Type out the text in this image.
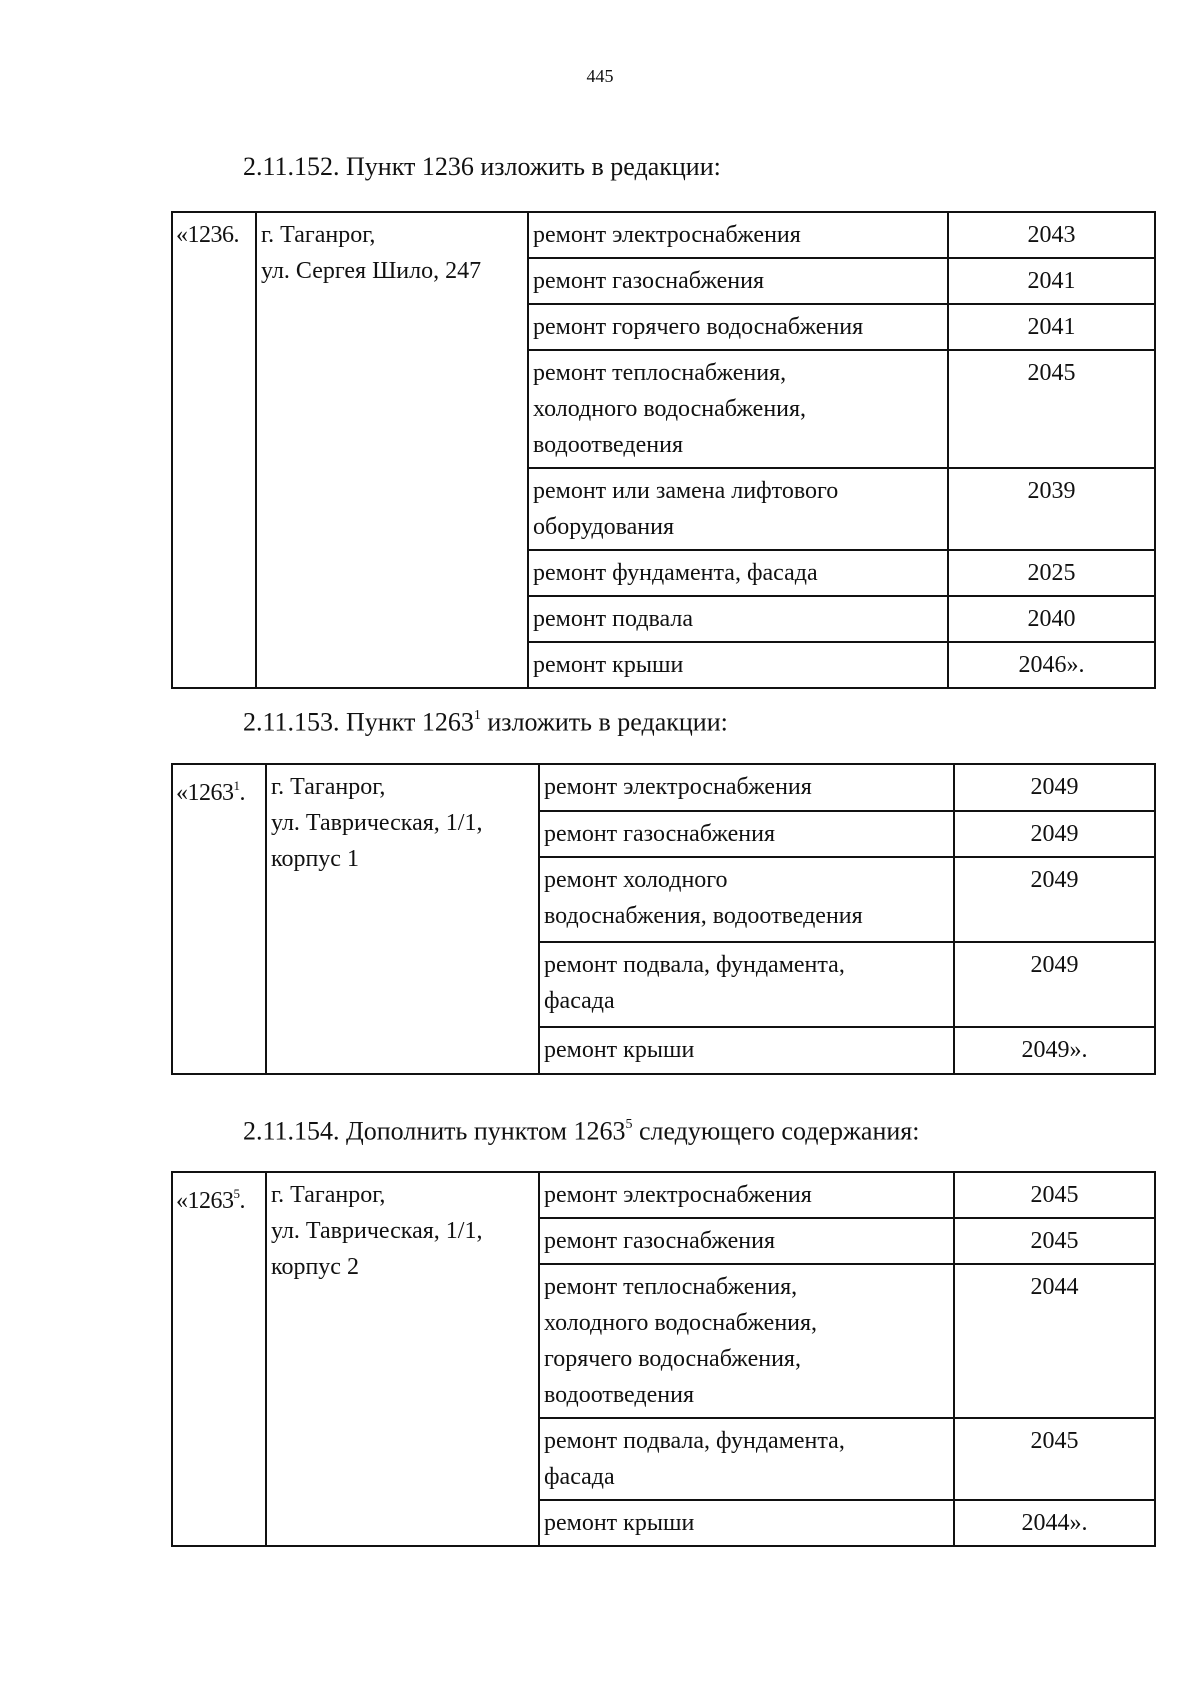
445
2.11.152. Пункт 1236 изложить в редакции:
«1236.	г. Таганрог,
ул. Сергея Шило, 247	ремонт электроснабжения	2043

		ремонт газоснабжения	2041

		ремонт горячего водоснабжения	2041

		ремонт теплоснабжения,
холодного водоснабжения,
водоотведения	2045

		ремонт или замена лифтового
оборудования	2039

		ремонт фундамента, фасада	2025

		ремонт подвала	2040

		ремонт крыши	2046».
2.11.153. Пункт 1263$^1$ изложить в редакции:
«1263$^1$.	г. Таганрог,
ул. Таврическая, 1/1,
корпус 1	ремонт электроснабжения	2049

		ремонт газоснабжения	2049

		ремонт холодного
водоснабжения, водоотведения	2049

		ремонт подвала, фундамента,
фасада	2049

		ремонт крыши	2049».
2.11.154. Дополнить пунктом 1263$^5$ следующего содержания:
«1263$^5$.	г. Таганрог,
ул. Таврическая, 1/1,
корпус 2	ремонт электроснабжения	2045

		ремонт газоснабжения	2045

		ремонт теплоснабжения,
холодного водоснабжения,
горячего водоснабжения,
водоотведения	2044

		ремонт подвала, фундамента,
фасада	2045

		ремонт крыши	2044».
